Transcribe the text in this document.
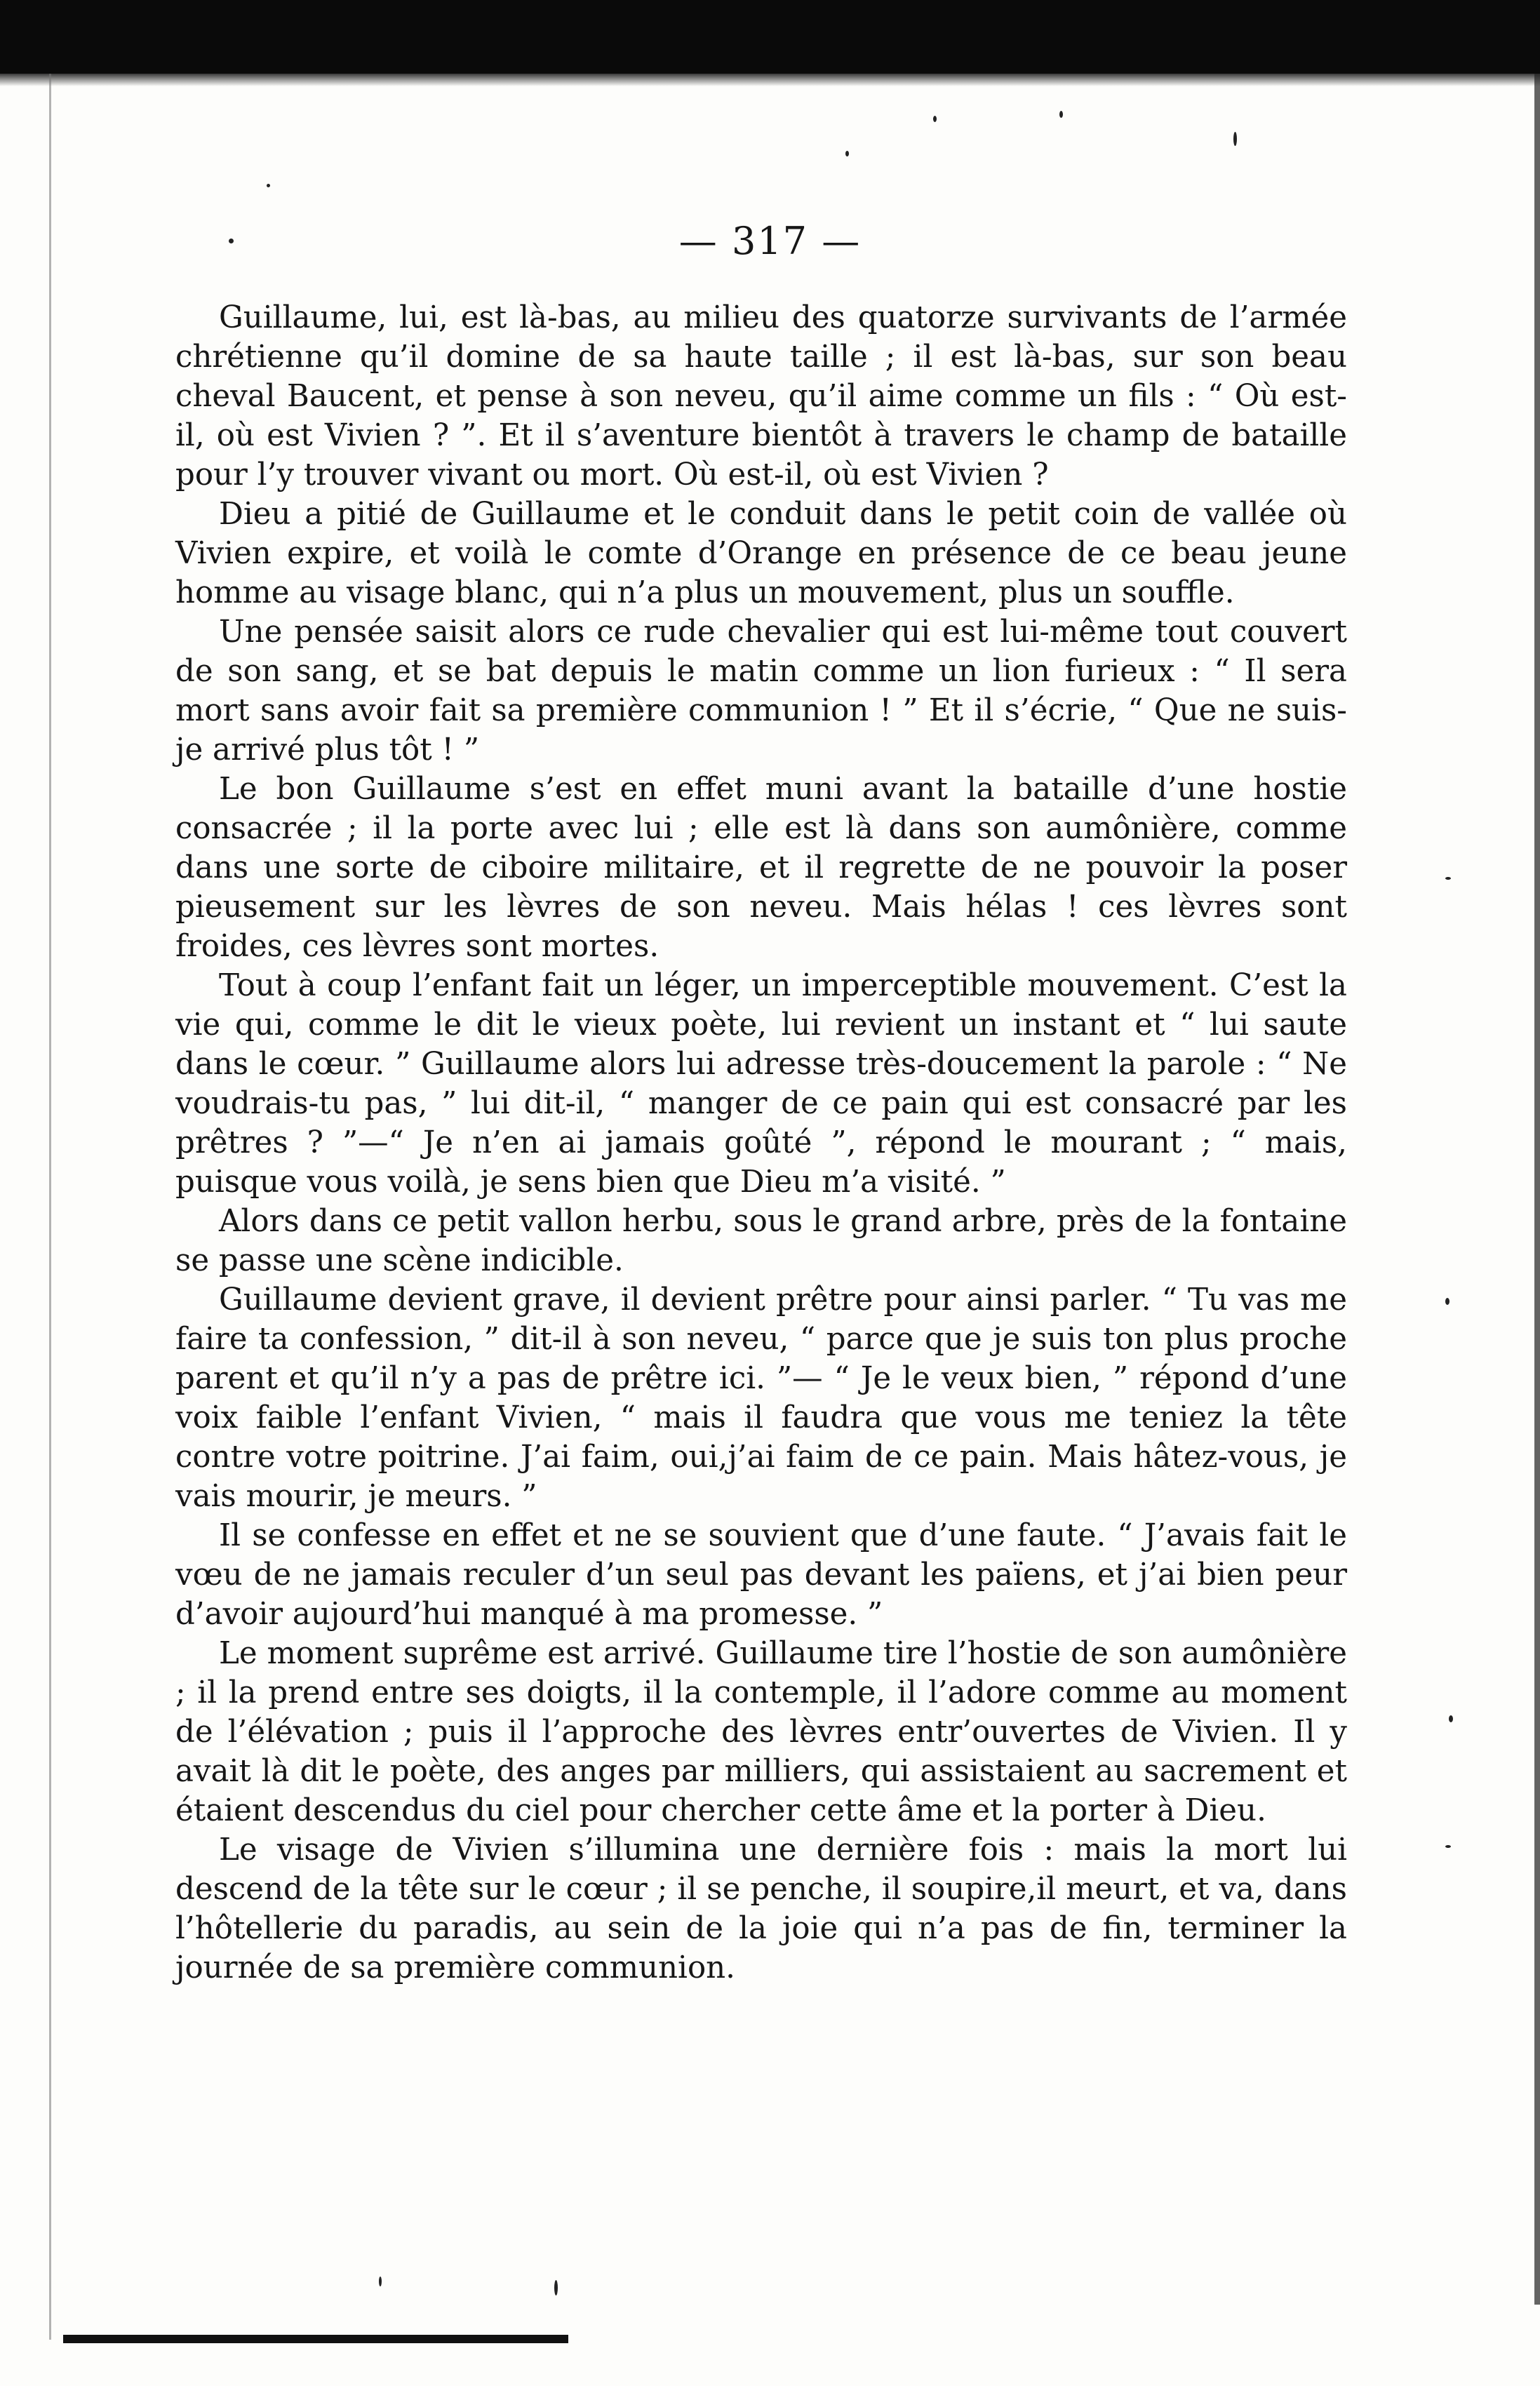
— 317 —

Guillaume, lui, est là-bas, au milieu des quatorze survivants de l’armée chrétienne qu’il domine de sa haute taille ; il est là-bas, sur son beau cheval Baucent, et pense à son neveu, qu’il aime comme un fils : “ Où est-il, où est Vivien ? ”. Et il s’aventure bientôt à travers le champ de bataille pour l’y trouver vivant ou mort. Où est-il, où est Vivien ?

Dieu a pitié de Guillaume et le conduit dans le petit coin de vallée où Vivien expire, et voilà le comte d’Orange en présence de ce beau jeune homme au visage blanc, qui n’a plus un mouvement, plus un souffle.

Une pensée saisit alors ce rude chevalier qui est lui-même tout couvert de son sang, et se bat depuis le matin comme un lion furieux : “ Il sera mort sans avoir fait sa première communion ! ” Et il s’écrie, “ Que ne suis-je arrivé plus tôt ! ”

Le bon Guillaume s’est en effet muni avant la bataille d’une hostie consacrée ; il la porte avec lui ; elle est là dans son aumônière, comme dans une sorte de ciboire militaire, et il regrette de ne pouvoir la poser pieusement sur les lèvres de son neveu. Mais hélas ! ces lèvres sont froides, ces lèvres sont mortes.

Tout à coup l’enfant fait un léger, un imperceptible mouvement. C’est la vie qui, comme le dit le vieux poète, lui revient un instant et “ lui saute dans le cœur. ” Guillaume alors lui adresse très-doucement la parole : “ Ne voudrais-tu pas, ” lui dit-il, “ manger de ce pain qui est consacré par les prêtres ? ”—“ Je n’en ai jamais goûté ”, répond le mourant ; “ mais, puisque vous voilà, je sens bien que Dieu m’a visité. ”

Alors dans ce petit vallon herbu, sous le grand arbre, près de la fontaine se passe une scène indicible.

Guillaume devient grave, il devient prêtre pour ainsi parler. “ Tu vas me faire ta confession, ” dit-il à son neveu, “ parce que je suis ton plus proche parent et qu’il n’y a pas de prêtre ici. ”— “ Je le veux bien, ” répond d’une voix faible l’enfant Vivien, “ mais il faudra que vous me teniez la tête contre votre poitrine. J’ai faim, oui,j’ai faim de ce pain. Mais hâtez-vous, je vais mourir, je meurs. ”

Il se confesse en effet et ne se souvient que d’une faute. “ J’avais fait le vœu de ne jamais reculer d’un seul pas devant les païens, et j’ai bien peur d’avoir aujourd’hui manqué à ma promesse. ”

Le moment suprême est arrivé. Guillaume tire l’hostie de son aumônière ; il la prend entre ses doigts, il la contemple, il l’adore comme au moment de l’élévation ; puis il l’approche des lèvres entr’ouvertes de Vivien. Il y avait là dit le poète, des anges par milliers, qui assistaient au sacrement et étaient descendus du ciel pour chercher cette âme et la porter à Dieu.

Le visage de Vivien s’illumina une dernière fois : mais la mort lui descend de la tête sur le cœur ; il se penche, il soupire,il meurt, et va, dans l’hôtellerie du paradis, au sein de la joie qui n’a pas de fin, terminer la journée de sa première communion.
